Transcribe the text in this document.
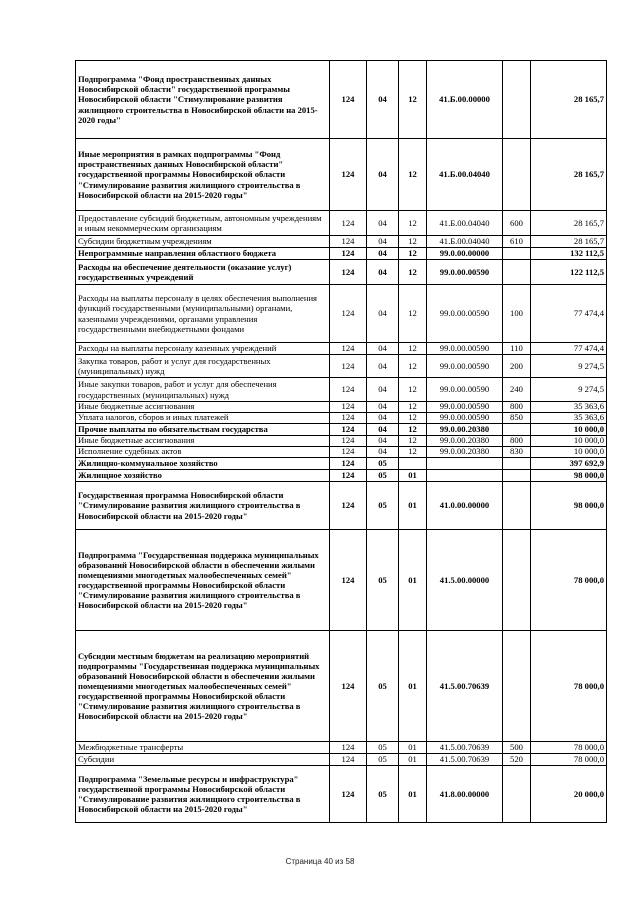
Подпрограмма "Фонд пространственных данных Новосибирской области" государственной программы Новосибирской области "Стимулирование развития жилищного строительства в Новосибирской области на 2015-2020 годы"	124	04	12	41.Б.00.00000		28 165,7
Иные мероприятия в рамках подпрограммы "Фонд пространственных данных Новосибирской области" государственной программы Новосибирской области "Стимулирование развития жилищного строительства в Новосибирской области на 2015-2020 годы"	124	04	12	41.Б.00.04040		28 165,7
Предоставление субсидий бюджетным, автономным учреждениям и иным некоммерческим организациям	124	04	12	41.Б.00.04040	600	28 165,7
Субсидии бюджетным учреждениям	124	04	12	41.Б.00.04040	610	28 165,7
Непрограммные направления областного бюджета	124	04	12	99.0.00.00000		132 112,5
Расходы на обеспечение деятельности (оказание услуг) государственных учреждений	124	04	12	99.0.00.00590		122 112,5
Расходы на выплаты персоналу в целях обеспечения выполнения функций государственными (муниципальными) органами, казенными учреждениями, органами управления государственными внебюджетными фондами	124	04	12	99.0.00.00590	100	77 474,4
Расходы на выплаты персоналу казенных учреждений	124	04	12	99.0.00.00590	110	77 474,4
Закупка товаров, работ и услуг для государственных (муниципальных) нужд	124	04	12	99.0.00.00590	200	9 274,5
Иные закупки товаров, работ и услуг для обеспечения государственных (муниципальных) нужд	124	04	12	99.0.00.00590	240	9 274,5
Иные бюджетные ассигнования	124	04	12	99.0.00.00590	800	35 363,6
Уплата налогов, сборов и иных платежей	124	04	12	99.0.00.00590	850	35 363,6
Прочие выплаты по обязательствам государства	124	04	12	99.0.00.20380		10 000,0
Иные бюджетные ассигнования	124	04	12	99.0.00.20380	800	10 000,0
Исполнение судебных актов	124	04	12	99.0.00.20380	830	10 000,0
Жилищно-коммунальное хозяйство	124	05				397 692,9
Жилищное хозяйство	124	05	01			98 000,0
Государственная программа Новосибирской области "Стимулирование развития жилищного строительства в Новосибирской области на 2015-2020 годы"	124	05	01	41.0.00.00000		98 000,0
Подпрограмма "Государственная поддержка муниципальных образований Новосибирской области в обеспечении жилыми помещениями многодетных малообеспеченных семей" государственной программы Новосибирской области "Стимулирование развития жилищного строительства в Новосибирской области на 2015-2020 годы"	124	05	01	41.5.00.00000		78 000,0
Субсидии местным бюджетам на реализацию мероприятий подпрограммы "Государственная поддержка муниципальных образований Новосибирской области в обеспечении жилыми помещениями многодетных малообеспеченных семей" государственной программы Новосибирской области "Стимулирование развития жилищного строительства в Новосибирской области на 2015-2020 годы"	124	05	01	41.5.00.70639		78 000,0
Межбюджетные трансферты	124	05	01	41.5.00.70639	500	78 000,0
Субсидии	124	05	01	41.5.00.70639	520	78 000,0
Подпрограмма "Земельные ресурсы и инфраструктура" государственной программы Новосибирской области "Стимулирование развития жилищного строительства в Новосибирской области на 2015-2020 годы"	124	05	01	41.8.00.00000		20 000,0
Страница 40 из 58
